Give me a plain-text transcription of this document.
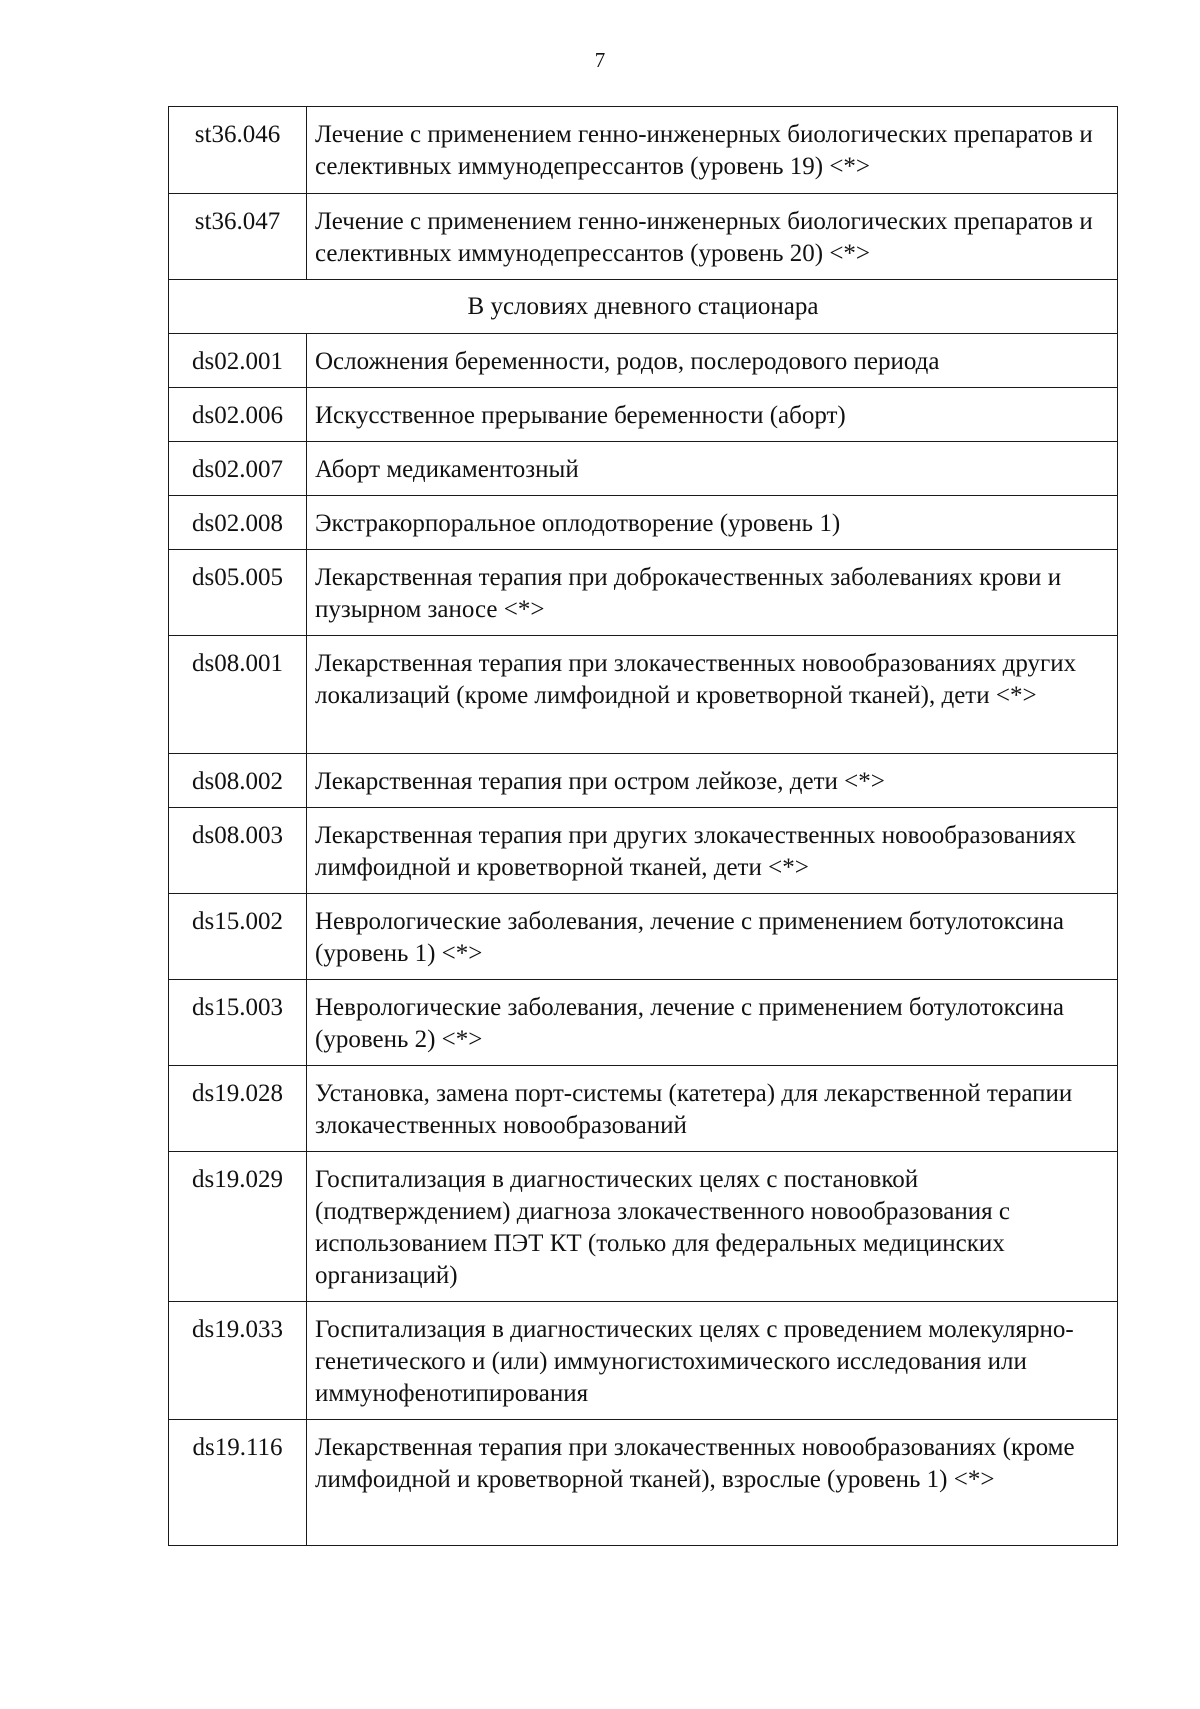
7
st36.046	Лечение с применением генно-инженерных биологических препаратов и селективных иммунодепрессантов (уровень 19) <*>
st36.047	Лечение с применением генно-инженерных биологических препаратов и селективных иммунодепрессантов (уровень 20) <*>
В условиях дневного стационара	
ds02.001	Осложнения беременности, родов, послеродового периода
ds02.006	Искусственное прерывание беременности (аборт)
ds02.007	Аборт медикаментозный
ds02.008	Экстракорпоральное оплодотворение (уровень 1)
ds05.005	Лекарственная терапия при доброкачественных заболеваниях крови и пузырном заносе <*>
ds08.001	Лекарственная терапия при злокачественных новообразованиях других локализаций (кроме лимфоидной и кроветворной тканей), дети <*>
ds08.002	Лекарственная терапия при остром лейкозе, дети <*>
ds08.003	Лекарственная терапия при других злокачественных новообразованиях лимфоидной и кроветворной тканей, дети <*>
ds15.002	Неврологические заболевания, лечение с применением ботулотоксина (уровень 1) <*>
ds15.003	Неврологические заболевания, лечение с применением ботулотоксина (уровень 2) <*>
ds19.028	Установка, замена порт-системы (катетера) для лекарственной терапии злокачественных новообразований
ds19.029	Госпитализация в диагностических целях с постановкой (подтверждением) диагноза злокачественного новообразования с использованием ПЭТ КТ (только для федеральных медицинских организаций)
ds19.033	Госпитализация в диагностических целях с проведением молекулярно-генетического и (или) иммуногистохимического исследования или иммунофенотипирования
ds19.116	Лекарственная терапия при злокачественных новообразованиях (кроме лимфоидной и кроветворной тканей), взрослые (уровень 1) <*>
